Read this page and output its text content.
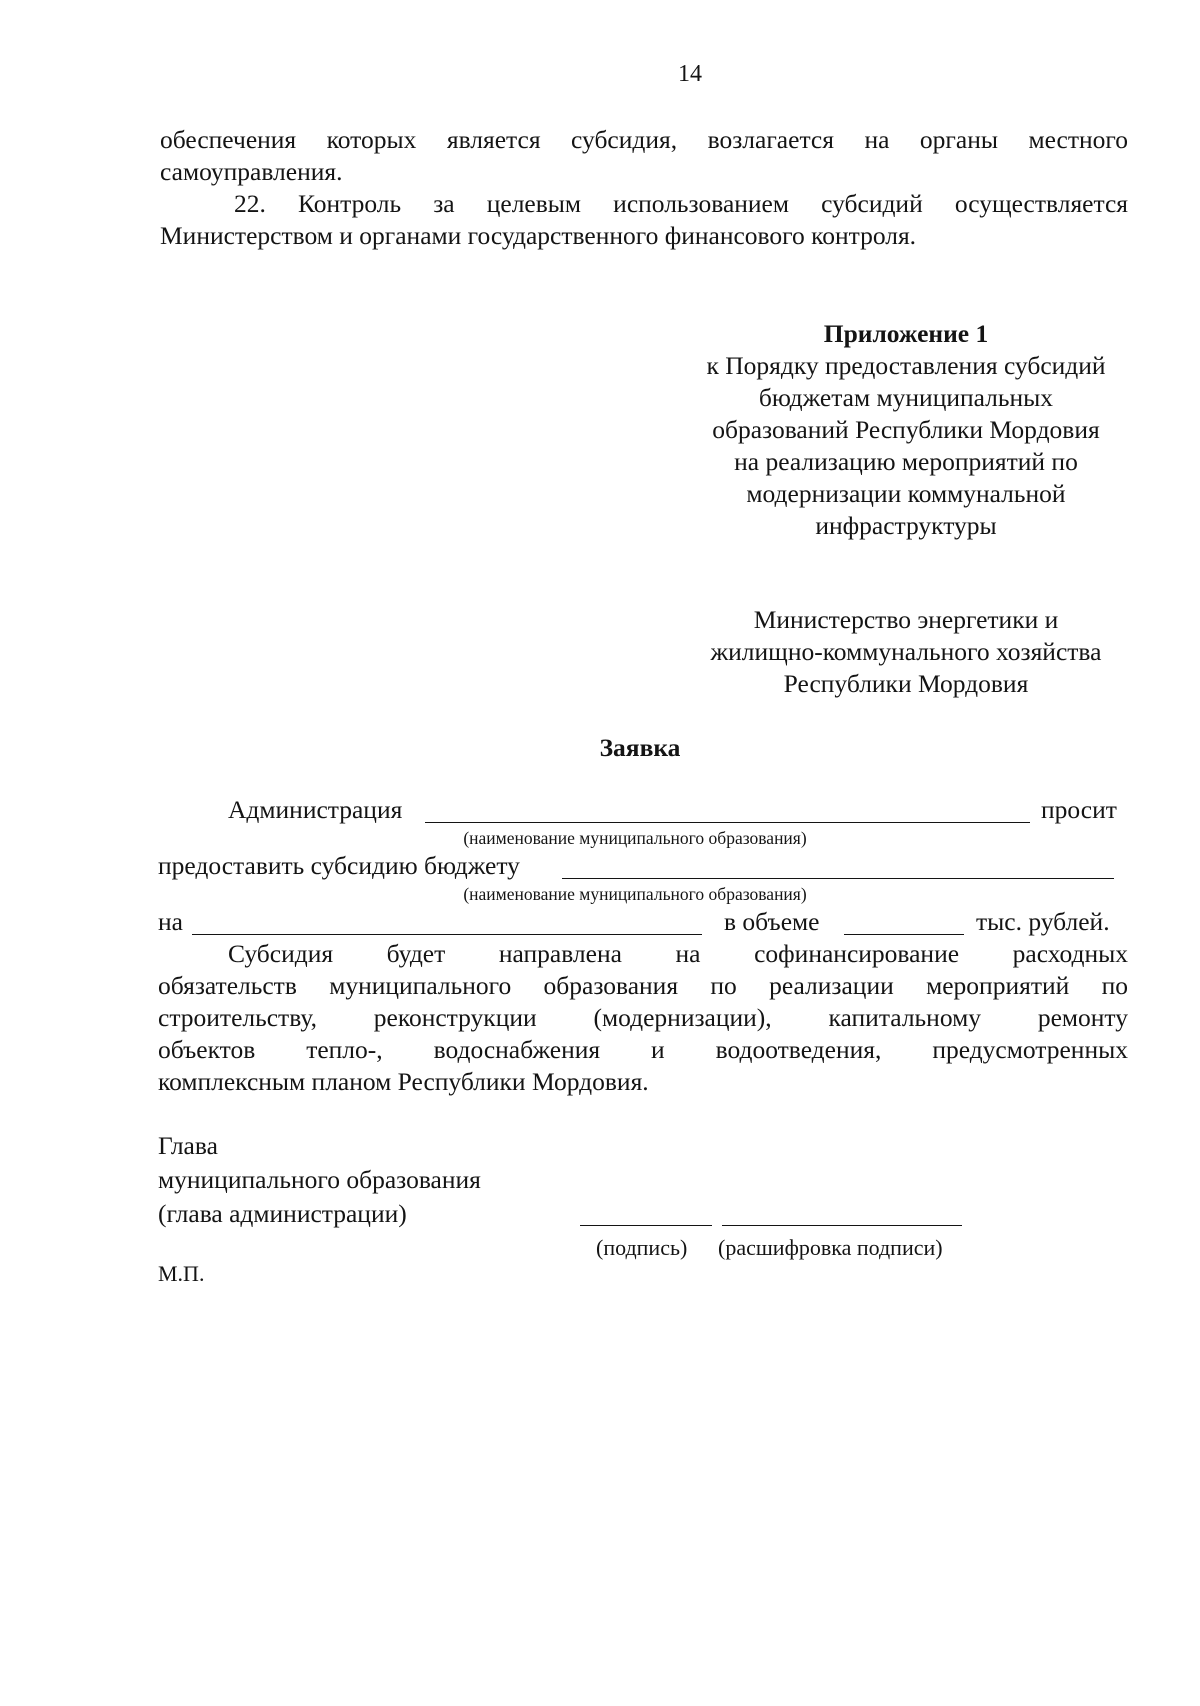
14
обеспечения которых является субсидия, возлагается на органы местного
самоуправления.
22. Контроль за целевым использованием субсидий осуществляется
Министерством и органами государственного финансового контроля.
Приложение 1
к Порядку предоставления субсидий
бюджетам муниципальных
образований Республики Мордовия
на реализацию мероприятий по
модернизации коммунальной
инфраструктуры
Министерство энергетики и
жилищно-коммунального хозяйства
Республики Мордовия
Заявка
Администрация	просит
(наименование муниципального образования)
предоставить субсидию бюджету
(наименование муниципального образования)
на	в объеме	тыс. рублей.
Субсидия будет направлена на софинансирование расходных
обязательств муниципального образования по реализации мероприятий по
строительству, реконструкции (модернизации), капитальному ремонту
объектов тепло-, водоснабжения и водоотведения, предусмотренных
комплексным планом Республики Мордовия.
Глава
муниципального образования
(глава администрации)
(подпись) (расшифровка подписи)
М.П.
